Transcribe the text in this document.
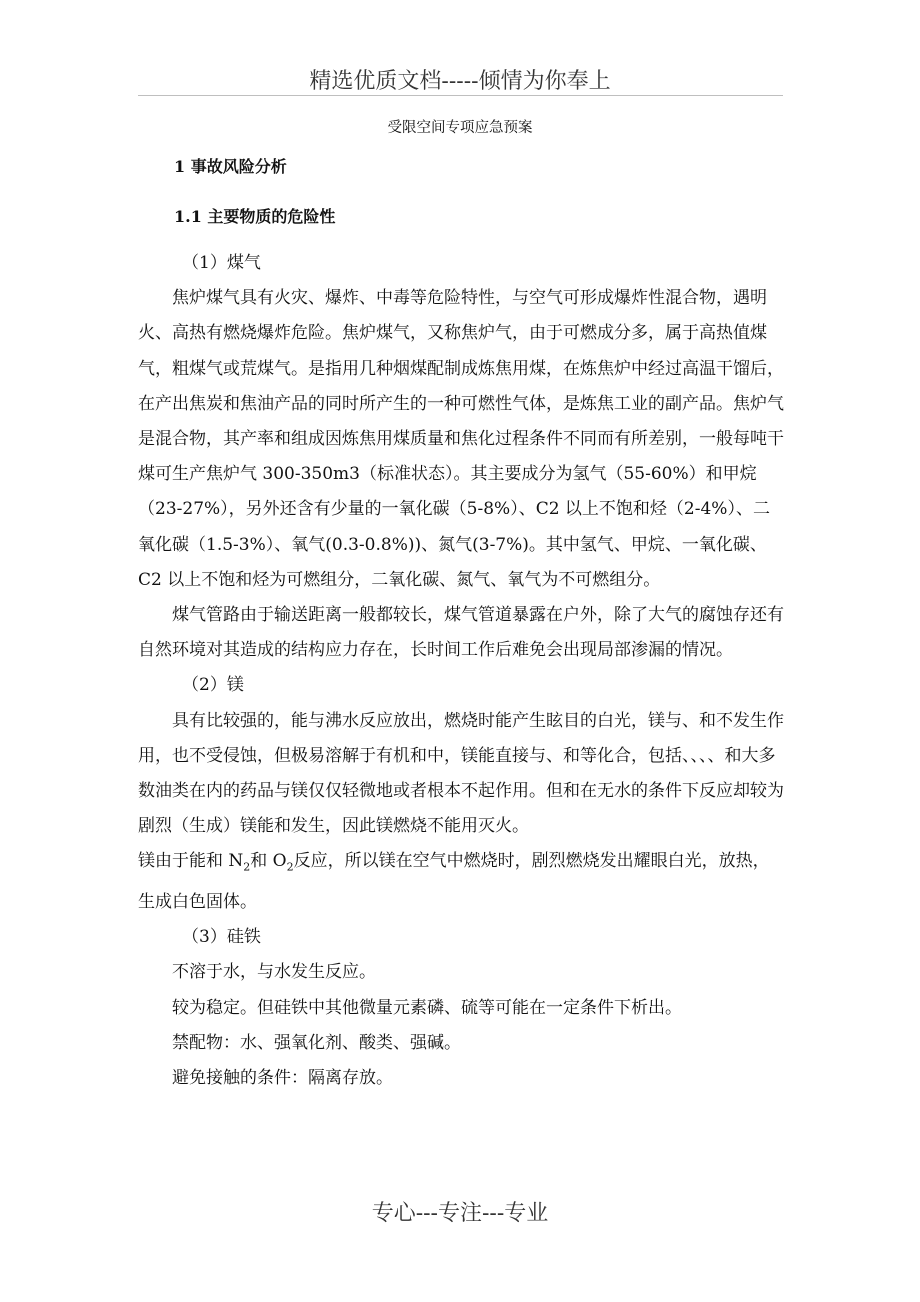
精选优质文档-----倾情为你奉上
受限空间专项应急预案
1 事故风险分析
1.1 主要物质的危险性

（1）煤气

焦炉煤气具有火灾、爆炸、中毒等危险特性，与空气可形成爆炸性混合物，遇明火、高热有燃烧爆炸危险。焦炉煤气，又称焦炉气，由于可燃成分多，属于高热值煤气，粗煤气或荒煤气。是指用几种烟煤配制成炼焦用煤，在炼焦炉中经过高温干馏后，在产出焦炭和焦油产品的同时所产生的一种可燃性气体，是炼焦工业的副产品。焦炉气是混合物，其产率和组成因炼焦用煤质量和焦化过程条件不同而有所差别，一般每吨干煤可生产焦炉气 300-350m3（标准状态）。其主要成分为氢气（55-60%）和甲烷（23-27%），另外还含有少量的一氧化碳（5-8%）、C2 以上不饱和烃（2-4%）、二氧化碳（1.5-3%）、氧气(0.3-0.8%))、氮气(3-7%)。其中氢气、甲烷、一氧化碳、C2 以上不饱和烃为可燃组分，二氧化碳、氮气、氧气为不可燃组分。

煤气管路由于输送距离一般都较长，煤气管道暴露在户外，除了大气的腐蚀存还有自然环境对其造成的结构应力存在，长时间工作后难免会出现局部渗漏的情况。

（2）镁

具有比较强的，能与沸水反应放出，燃烧时能产生眩目的白光，镁与、和不发生作用，也不受侵蚀，但极易溶解于有机和中，镁能直接与、和等化合，包括、、、、和大多数油类在内的药品与镁仅仅轻微地或者根本不起作用。但和在无水的条件下反应却较为剧烈（生成）镁能和发生，因此镁燃烧不能用灭火。

镁由于能和 $N_2$和 $O_2$反应，所以镁在空气中燃烧时，剧烈燃烧发出耀眼白光，放热，生成白色固体。

（3）硅铁

不溶于水，与水发生反应。

较为稳定。但硅铁中其他微量元素磷、硫等可能在一定条件下析出。

禁配物：水、强氧化剂、酸类、强碱。

避免接触的条件：隔离存放。

专心---专注---专业
